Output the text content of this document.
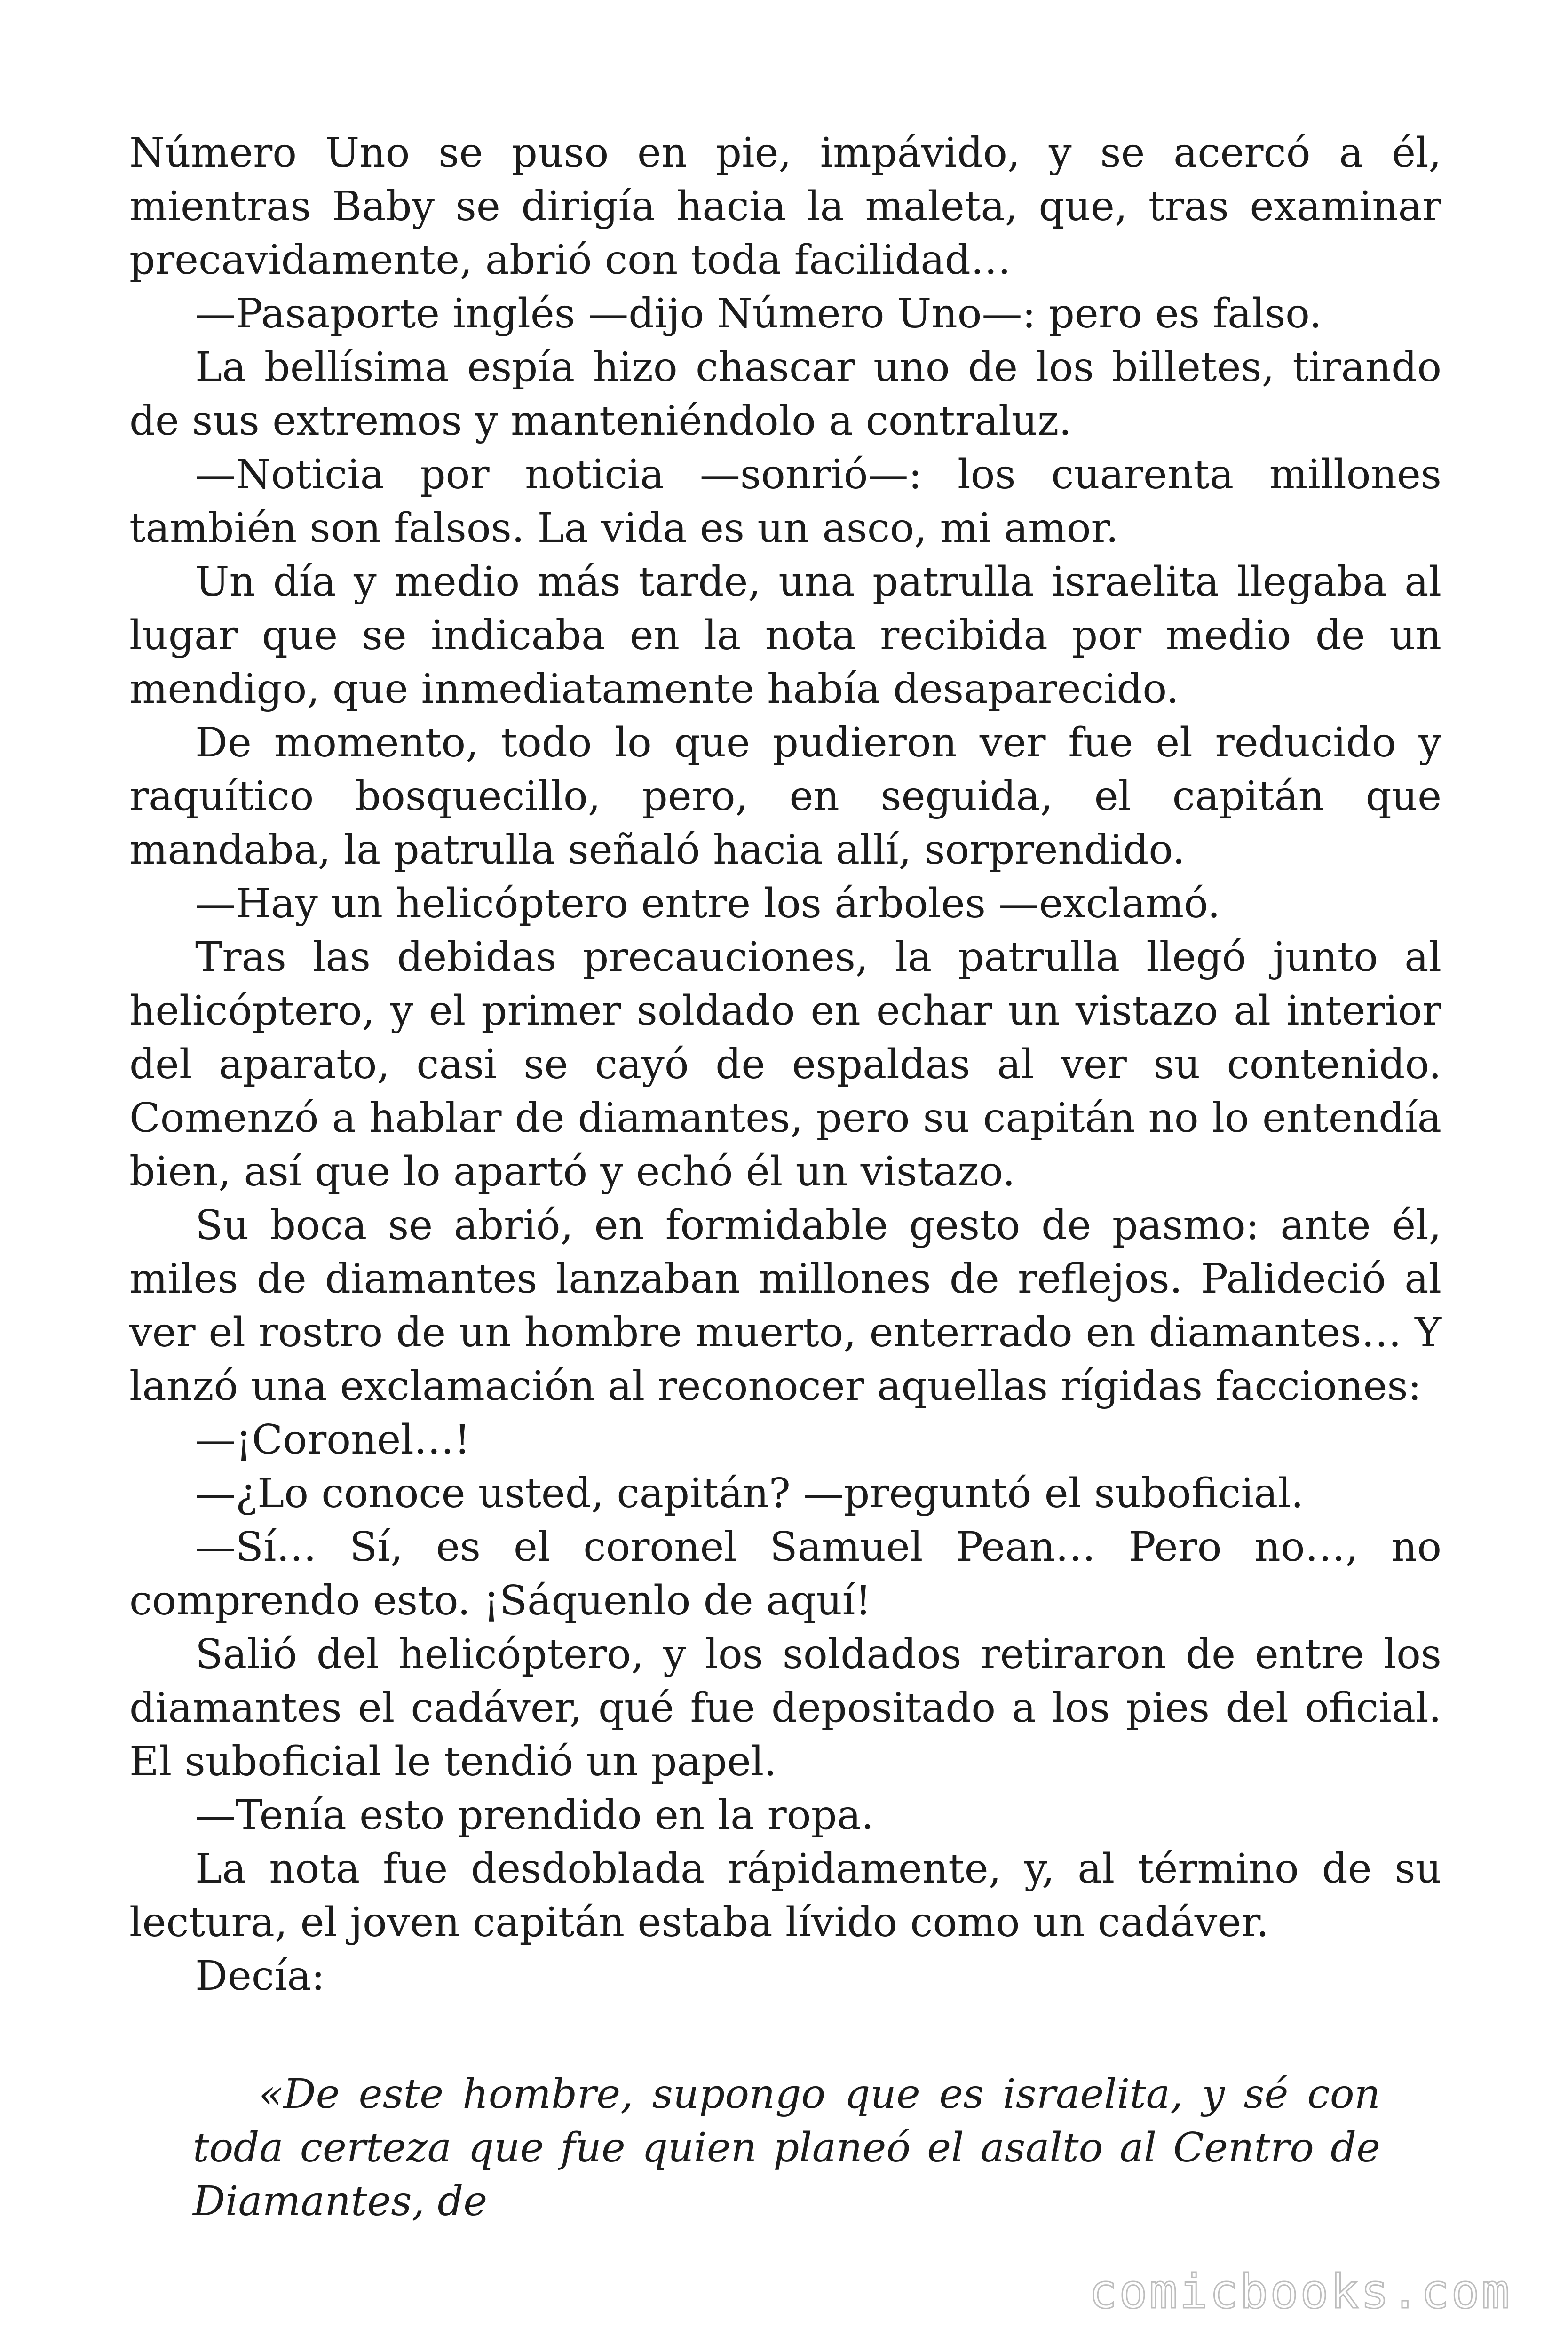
Número Uno se puso en pie, impávido, y se acercó a él, mientras Baby se dirigía hacia la maleta, que, tras examinar precavidamente, abrió con toda facilidad…

—Pasaporte inglés —dijo Número Uno—: pero es falso.

La bellísima espía hizo chascar uno de los billetes, tirando de sus extremos y manteniéndolo a contraluz.

—Noticia por noticia —sonrió—: los cuarenta millones también son falsos. La vida es un asco, mi amor.

Un día y medio más tarde, una patrulla israelita llegaba al lugar que se indicaba en la nota recibida por medio de un mendigo, que inmediatamente había desaparecido.

De momento, todo lo que pudieron ver fue el reducido y raquítico bosquecillo, pero, en seguida, el capitán que mandaba, la patrulla señaló hacia allí, sorprendido.

—Hay un helicóptero entre los árboles —exclamó.

Tras las debidas precauciones, la patrulla llegó junto al helicóptero, y el primer soldado en echar un vistazo al interior del aparato, casi se cayó de espaldas al ver su contenido. Comenzó a hablar de diamantes, pero su capitán no lo entendía bien, así que lo apartó y echó él un vistazo.

Su boca se abrió, en formidable gesto de pasmo: ante él, miles de diamantes lanzaban millones de reflejos. Palideció al ver el rostro de un hombre muerto, enterrado en diamantes… Y lanzó una exclamación al reconocer aquellas rígidas facciones:

—¡Coronel…!

—¿Lo conoce usted, capitán? —preguntó el suboficial.

—Sí… Sí, es el coronel Samuel Pean… Pero no…, no comprendo esto. ¡Sáquenlo de aquí!

Salió del helicóptero, y los soldados retiraron de entre los diamantes el cadáver, qué fue depositado a los pies del oficial. El suboficial le tendió un papel.

—Tenía esto prendido en la ropa.

La nota fue desdoblada rápidamente, y, al término de su lectura, el joven capitán estaba lívido como un cadáver.

Decía:

«De este hombre, supongo que es israelita, y sé con toda certeza que fue quien planeó el asalto al Centro de Diamantes, de

comicbooks.com
